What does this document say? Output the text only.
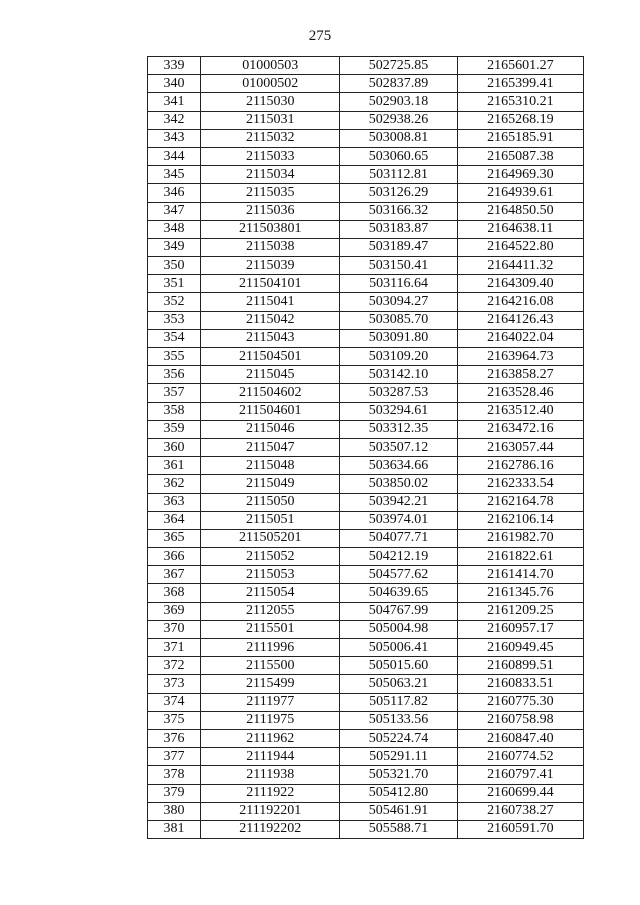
275
339	01000503	502725.85	2165601.27
340	01000502	502837.89	2165399.41
341	2115030	502903.18	2165310.21
342	2115031	502938.26	2165268.19
343	2115032	503008.81	2165185.91
344	2115033	503060.65	2165087.38
345	2115034	503112.81	2164969.30
346	2115035	503126.29	2164939.61
347	2115036	503166.32	2164850.50
348	211503801	503183.87	2164638.11
349	2115038	503189.47	2164522.80
350	2115039	503150.41	2164411.32
351	211504101	503116.64	2164309.40
352	2115041	503094.27	2164216.08
353	2115042	503085.70	2164126.43
354	2115043	503091.80	2164022.04
355	211504501	503109.20	2163964.73
356	2115045	503142.10	2163858.27
357	211504602	503287.53	2163528.46
358	211504601	503294.61	2163512.40
359	2115046	503312.35	2163472.16
360	2115047	503507.12	2163057.44
361	2115048	503634.66	2162786.16
362	2115049	503850.02	2162333.54
363	2115050	503942.21	2162164.78
364	2115051	503974.01	2162106.14
365	211505201	504077.71	2161982.70
366	2115052	504212.19	2161822.61
367	2115053	504577.62	2161414.70
368	2115054	504639.65	2161345.76
369	2112055	504767.99	2161209.25
370	2115501	505004.98	2160957.17
371	2111996	505006.41	2160949.45
372	2115500	505015.60	2160899.51
373	2115499	505063.21	2160833.51
374	2111977	505117.82	2160775.30
375	2111975	505133.56	2160758.98
376	2111962	505224.74	2160847.40
377	2111944	505291.11	2160774.52
378	2111938	505321.70	2160797.41
379	2111922	505412.80	2160699.44
380	211192201	505461.91	2160738.27
381	211192202	505588.71	2160591.70
